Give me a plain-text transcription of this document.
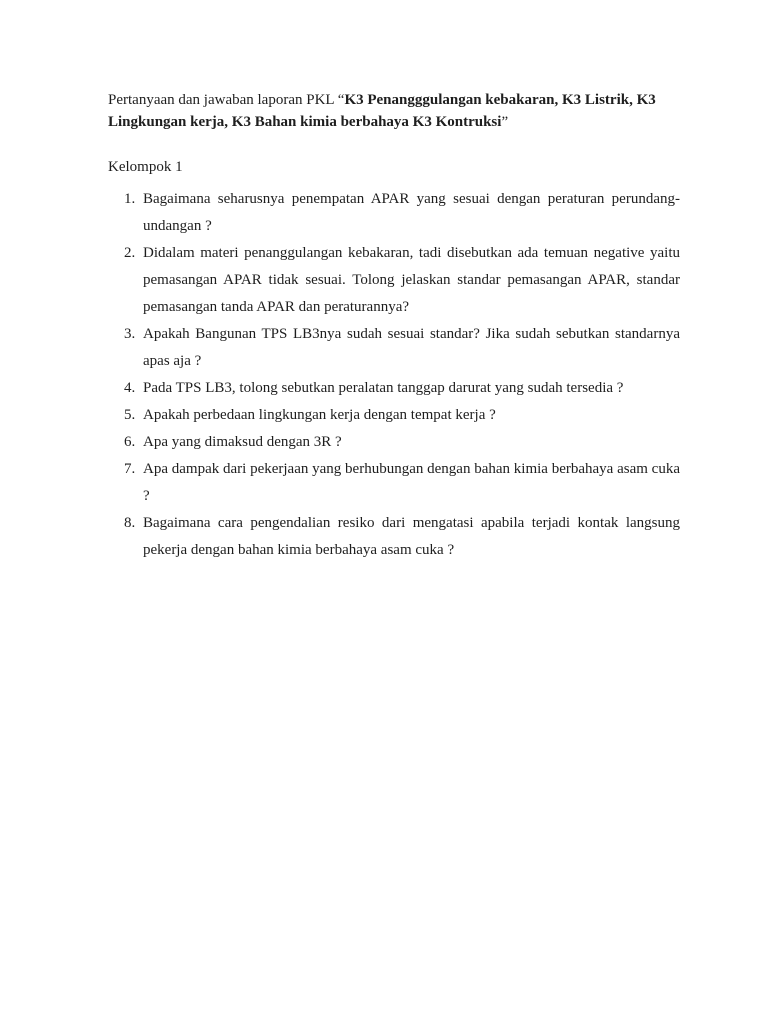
Pertanyaan dan jawaban laporan PKL “K3 Penangggulangan kebakaran, K3 Listrik, K3 Lingkungan kerja, K3 Bahan kimia berbahaya K3 Kontruksi”

Kelompok 1

1. Bagaimana seharusnya penempatan APAR yang sesuai dengan peraturan perundang-undangan ?
2. Didalam materi penanggulangan kebakaran, tadi disebutkan ada temuan negative yaitu pemasangan APAR tidak sesuai. Tolong jelaskan standar pemasangan APAR, standar pemasangan tanda APAR dan peraturannya?
3. Apakah Bangunan TPS LB3nya sudah sesuai standar? Jika sudah sebutkan standarnya apas aja ?
4. Pada TPS LB3, tolong sebutkan peralatan tanggap darurat yang sudah tersedia ?
5. Apakah perbedaan lingkungan kerja dengan tempat kerja ?
6. Apa yang dimaksud dengan 3R ?
7. Apa dampak dari pekerjaan yang berhubungan dengan bahan kimia berbahaya asam cuka ?
8. Bagaimana cara pengendalian resiko dari mengatasi apabila terjadi kontak langsung pekerja dengan bahan kimia berbahaya asam cuka ?
